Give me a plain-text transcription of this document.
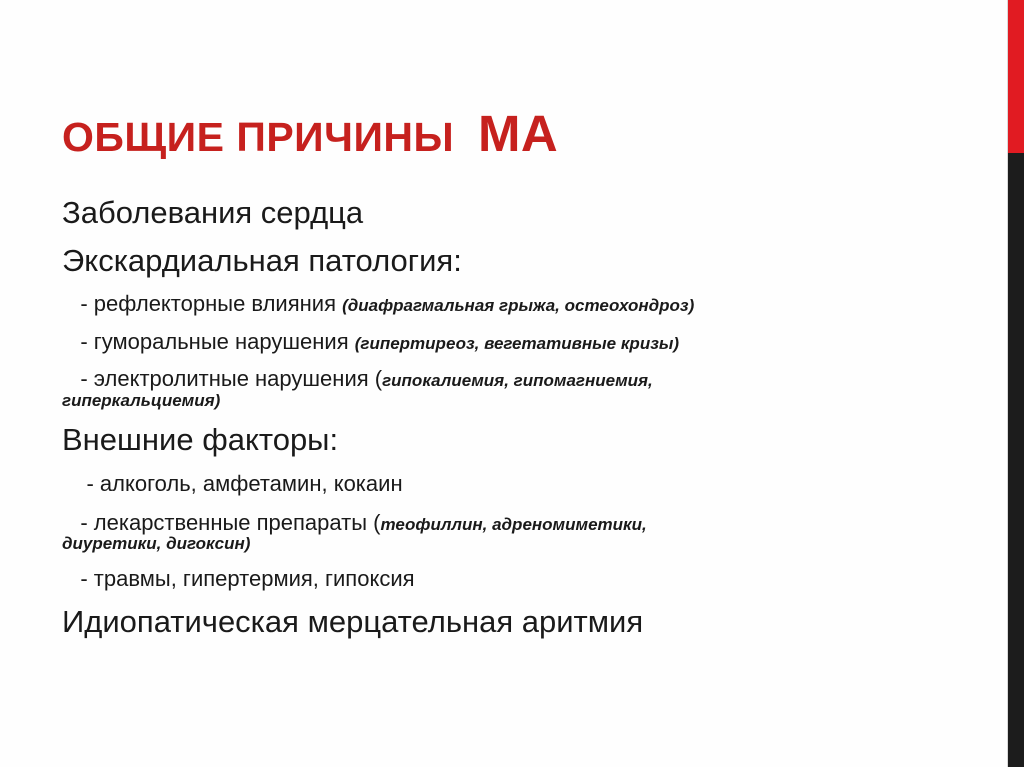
ОБЩИЕ ПРИЧИНЫ  МА

Заболевания сердца

Экскардиальная патология:

- рефлекторные влияния (диафрагмальная грыжа, остеохондроз)

- гуморальные нарушения (гипертиреоз, вегетативные кризы)

- электролитные нарушения (гипокалиемия, гипомагниемия,

гиперкальциемия)

Внешние факторы:

- алкоголь, амфетамин, кокаин

- лекарственные препараты (теофиллин, адреномиметики,

диуретики, дигоксин)

- травмы, гипертермия, гипоксия

Идиопатическая мерцательная аритмия
